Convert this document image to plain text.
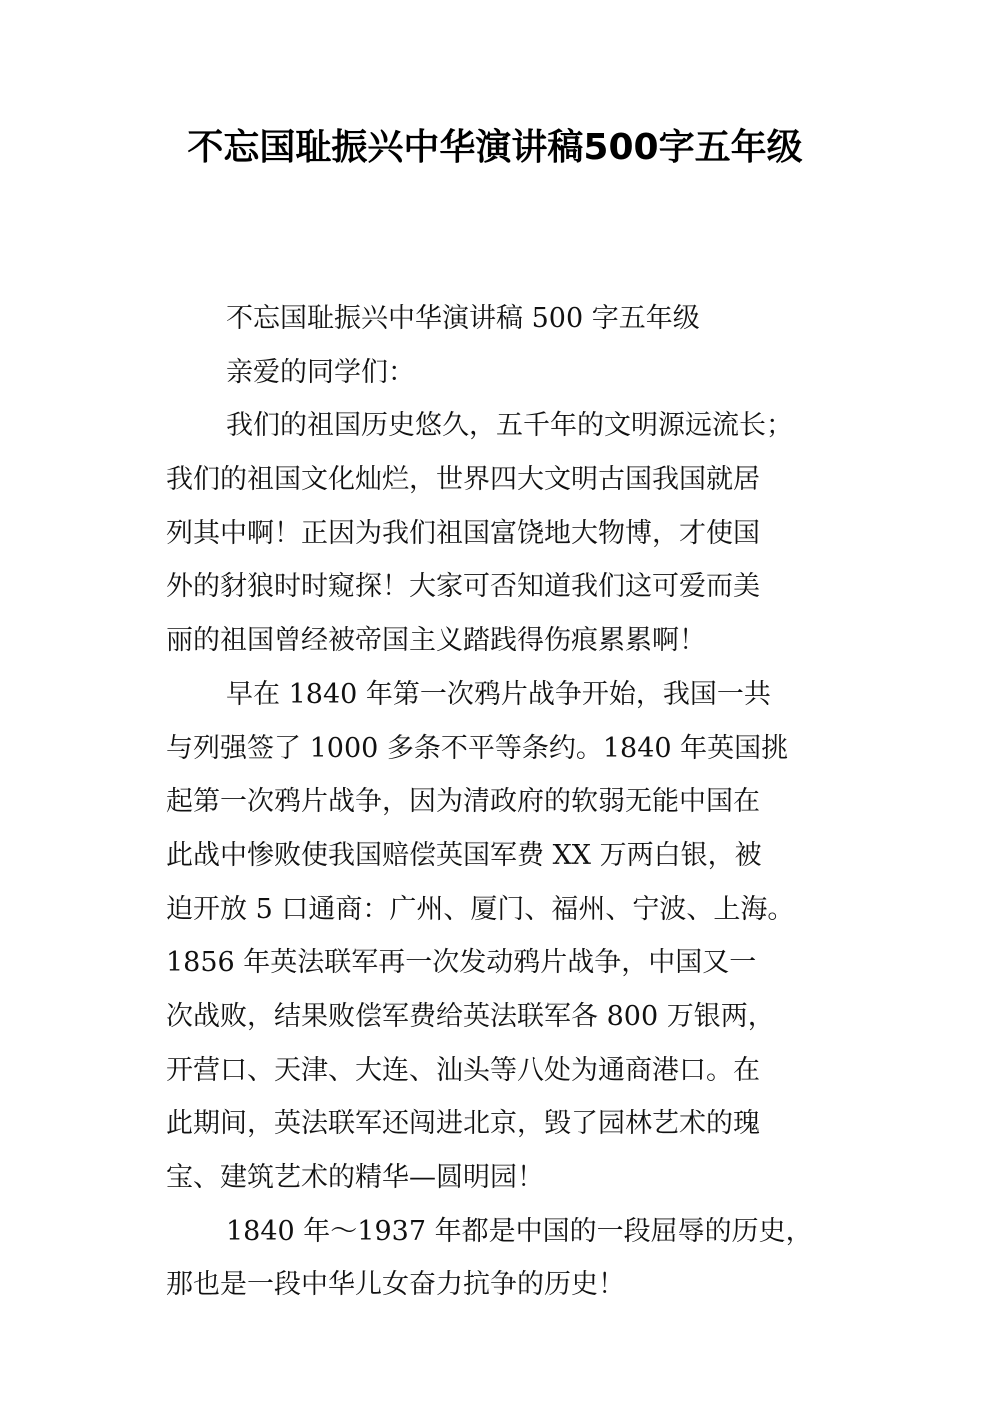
不忘国耻振兴中华演讲稿500字五年级
不忘国耻振兴中华演讲稿 500 字五年级
亲爱的同学们：
我们的祖国历史悠久，五千年的文明源远流长；
我们的祖国文化灿烂，世界四大文明古国我国就居
列其中啊！正因为我们祖国富饶地大物博，才使国
外的豺狼时时窥探！大家可否知道我们这可爱而美
丽的祖国曾经被帝国主义踏践得伤痕累累啊！
早在 1840 年第一次鸦片战争开始，我国一共
与列强签了 1000 多条不平等条约。1840 年英国挑
起第一次鸦片战争，因为清政府的软弱无能中国在
此战中惨败使我国赔偿英国军费 XX 万两白银，被
迫开放 5 口通商：广州、厦门、福州、宁波、上海。
1856 年英法联军再一次发动鸦片战争，中国又一
次战败，结果败偿军费给英法联军各 800 万银两，
开营口、天津、大连、汕头等八处为通商港口。在
此期间，英法联军还闯进北京，毁了园林艺术的瑰
宝、建筑艺术的精华—圆明园！
1840 年～1937 年都是中国的一段屈辱的历史，
那也是一段中华儿女奋力抗争的历史！
